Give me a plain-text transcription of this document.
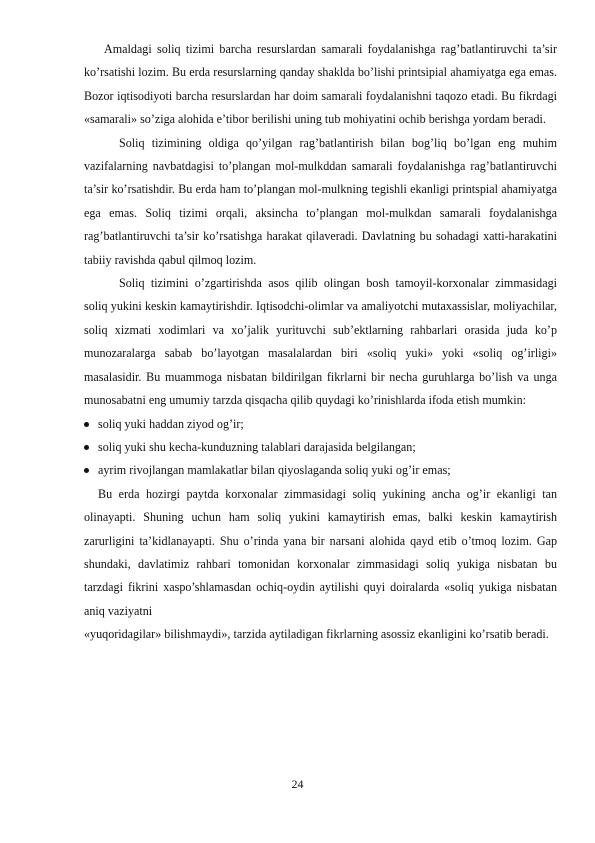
Amaldagi soliq tizimi barcha resurslardan samarali foydalanishga rag’batlantiruvchi ta’sir ko’rsatishi lozim. Bu erda resurslarning qanday shaklda bo’lishi printsipial ahamiyatga ega emas. Bozor iqtisodiyoti barcha resurslardan har doim samarali foydalanishni taqozo etadi. Bu fikrdagi «samarali» so’ziga alohida e’tibor berilishi uning tub mohiyatini ochib berishga yordam beradi.

Soliq tizimining oldiga qo’yilgan rag’batlantirish bilan bog’liq bo’lgan eng muhim vazifalarning navbatdagisi to’plangan mol-mulkddan samarali foydalanishga rag’batlantiruvchi ta’sir ko’rsatishdir. Bu erda ham to’plangan mol-mulkning tegishli ekanligi printspial ahamiyatga ega emas. Soliq tizimi orqali, aksincha to’plangan mol-mulkdan samarali foydalanishga rag’batlantiruvchi ta’sir ko’rsatishga harakat qilaveradi. Davlatning bu sohadagi xatti-harakatini tabiiy ravishda qabul qilmoq lozim.

Soliq tizimini o’zgartirishda asos qilib olingan bosh tamoyil-korxonalar zimmasidagi soliq yukini keskin kamaytirishdir. Iqtisodchi-olimlar va amaliyotchi mutaxassislar, moliyachilar, soliq xizmati xodimlari va xo’jalik yurituvchi sub’ektlarning rahbarlari orasida juda ko’p munozaralarga sabab bo’layotgan masalalardan biri «soliq yuki» yoki «soliq og’irligi» masalasidir. Bu muammoga nisbatan bildirilgan fikrlarni bir necha guruhlarga bo’lish va unga munosabatni eng umumiy tarzda qisqacha qilib quydagi ko’rinishlarda ifoda etish mumkin:

soliq yuki haddan ziyod og’ir;
soliq yuki shu kecha-kunduzning talablari darajasida belgilangan;
ayrim rivojlangan mamlakatlar bilan qiyoslaganda soliq yuki og’ir emas;

Bu erda hozirgi paytda korxonalar zimmasidagi soliq yukining ancha og’ir ekanligi tan olinayapti. Shuning uchun ham soliq yukini kamaytirish emas, balki keskin kamaytirish zarurligini ta’kidlanayapti. Shu o’rinda yana bir narsani alohida qayd etib o’tmoq lozim. Gap shundaki, davlatimiz rahbari tomonidan korxonalar zimmasidagi soliq yukiga nisbatan bu tarzdagi fikrini xaspo’shlamasdan ochiq-oydin aytilishi quyi doiralarda «soliq yukiga nisbatan aniq vaziyatni

«yuqoridagilar» bilishmaydi», tarzida aytiladigan fikrlarning asossiz ekanligini ko’rsatib beradi.

24
